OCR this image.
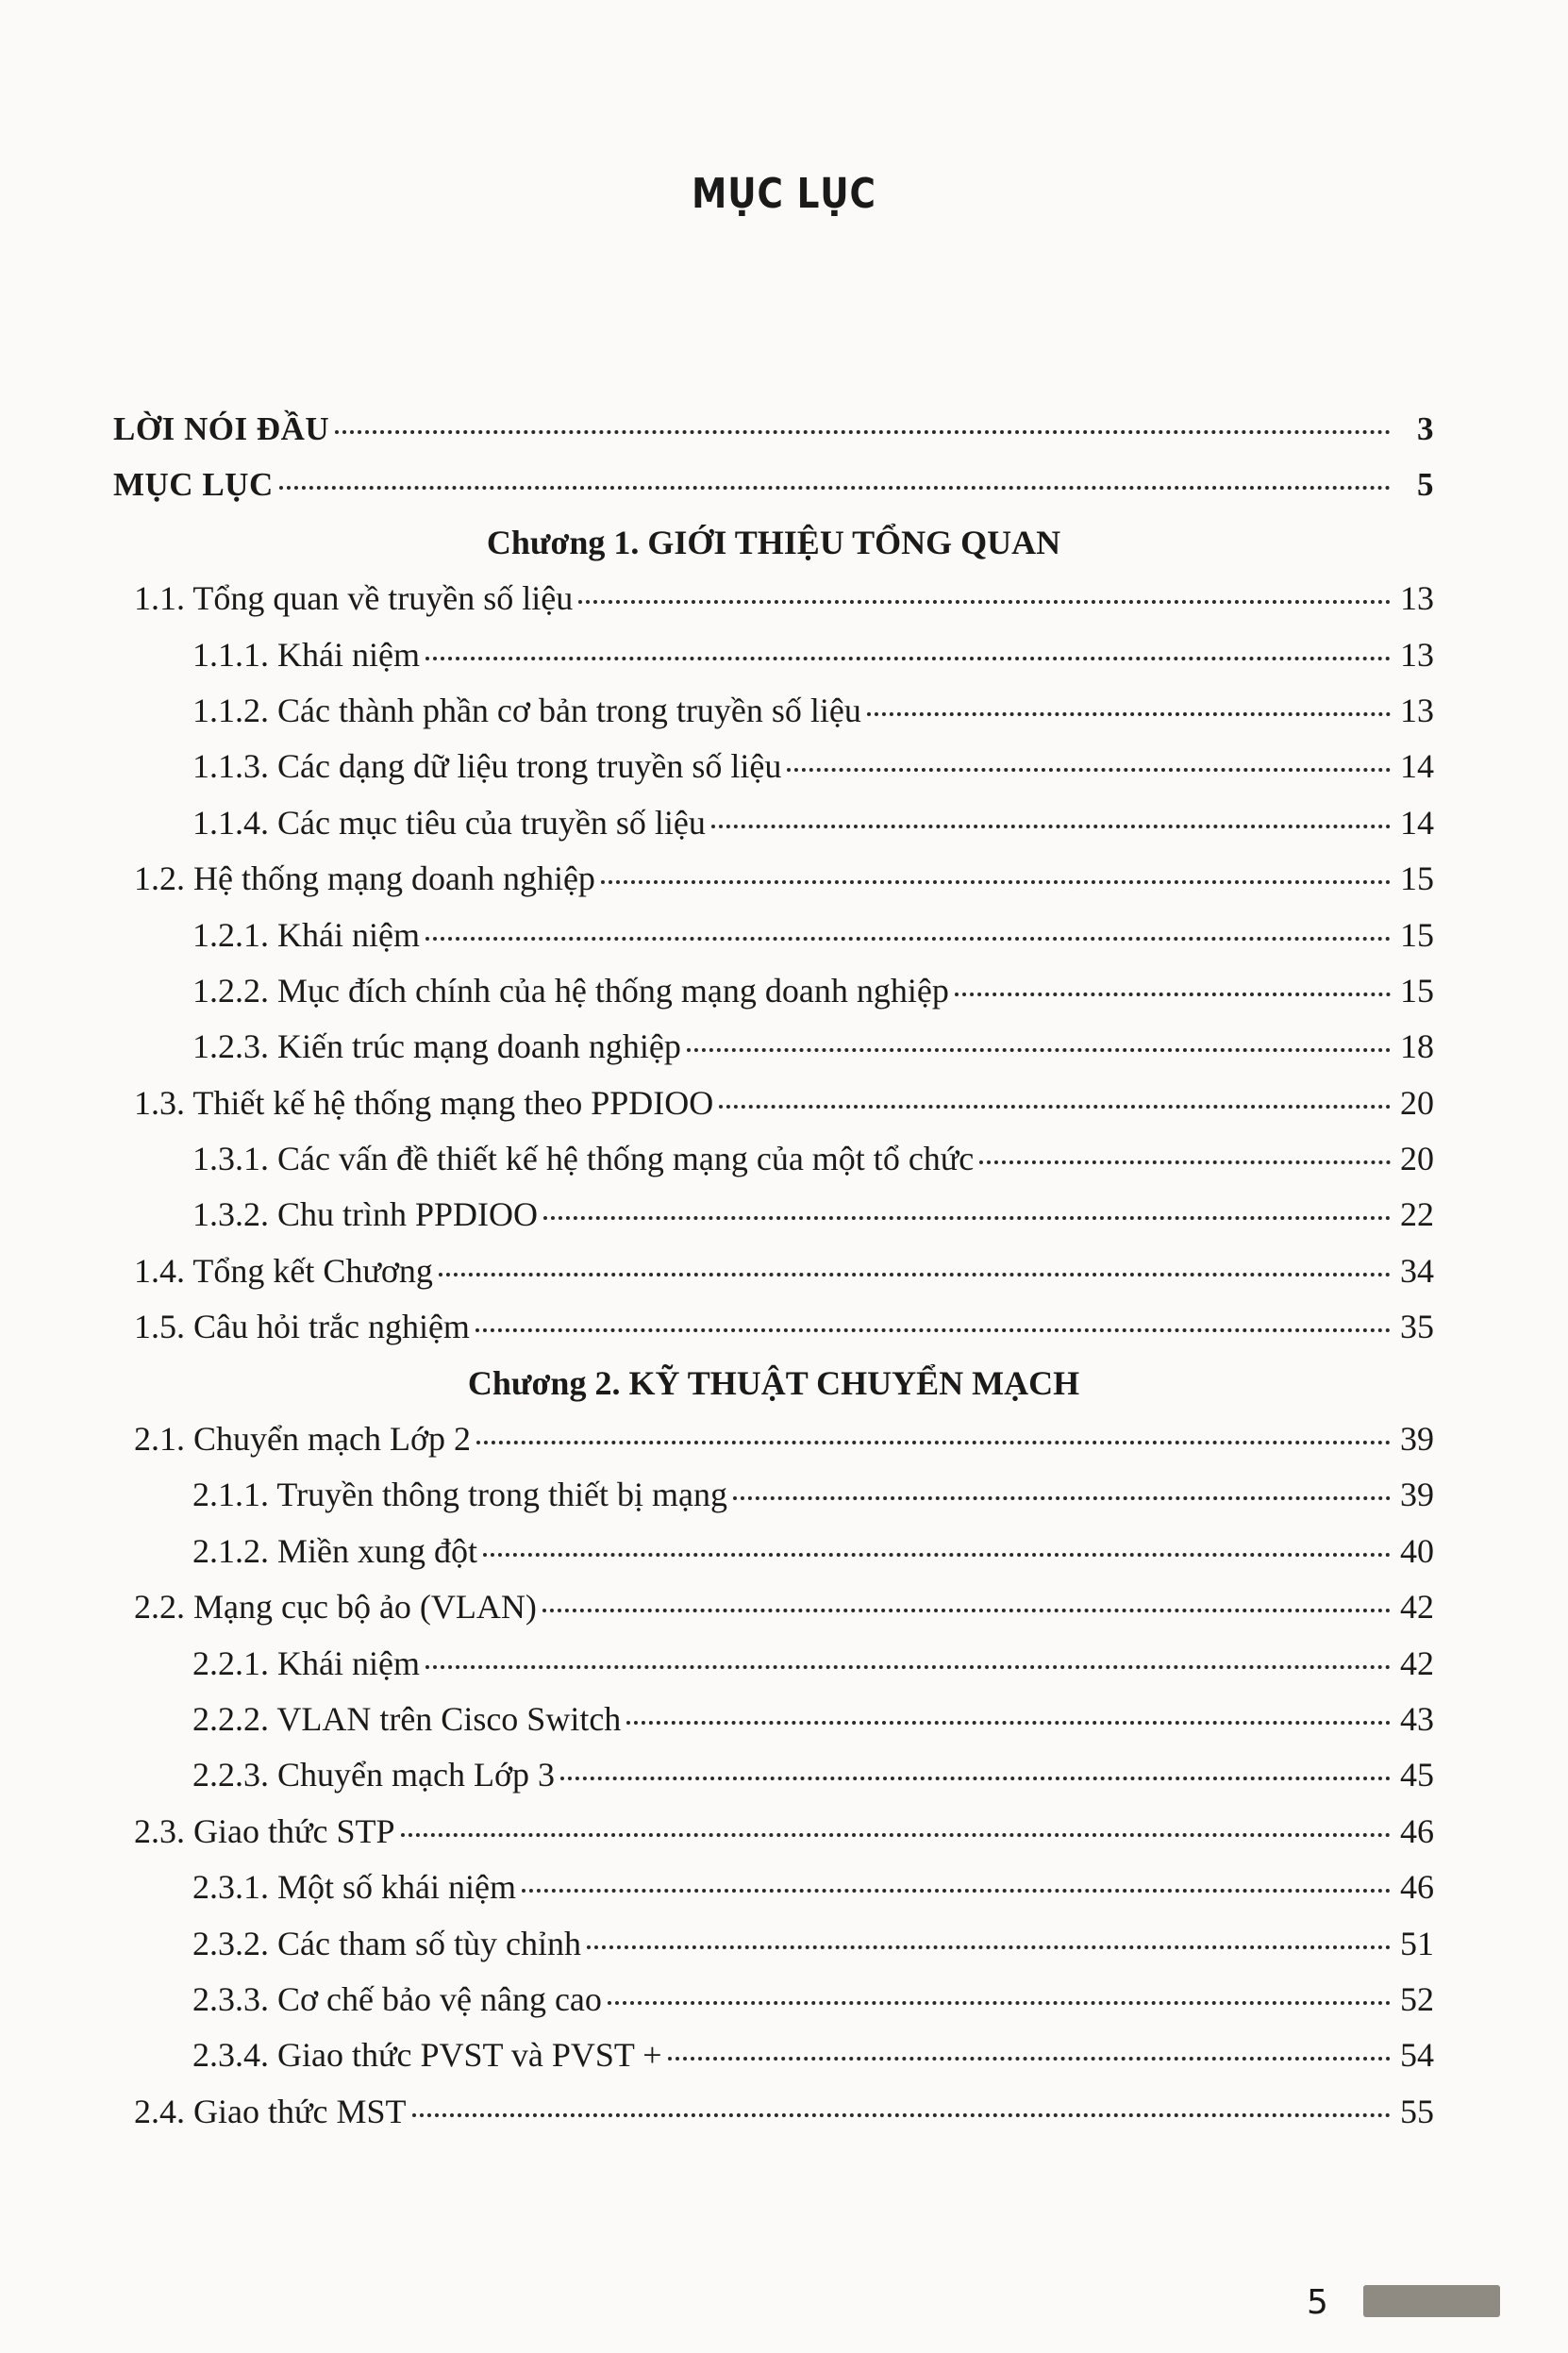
MỤC LỤC
LỜI NÓI ĐẦU	3
MỤC LỤC	5
Chương 1. GIỚI THIỆU TỔNG QUAN
1.1. Tổng quan về truyền số liệu	13
1.1.1. Khái niệm	13
1.1.2. Các thành phần cơ bản trong truyền số liệu	13
1.1.3. Các dạng dữ liệu trong truyền số liệu	14
1.1.4. Các mục tiêu của truyền số liệu	14
1.2. Hệ thống mạng doanh nghiệp	15
1.2.1. Khái niệm	15
1.2.2. Mục đích chính của hệ thống mạng doanh nghiệp	15
1.2.3. Kiến trúc mạng doanh nghiệp	18
1.3. Thiết kế hệ thống mạng theo PPDIOO	20
1.3.1. Các vấn đề thiết kế hệ thống mạng của một tổ chức	20
1.3.2. Chu trình PPDIOO	22
1.4. Tổng kết Chương	34
1.5. Câu hỏi trắc nghiệm	35
Chương 2. KỸ THUẬT CHUYỂN MẠCH
2.1. Chuyển mạch Lớp 2	39
2.1.1. Truyền thông trong thiết bị mạng	39
2.1.2. Miền xung đột	40
2.2. Mạng cục bộ ảo (VLAN)	42
2.2.1. Khái niệm	42
2.2.2. VLAN trên Cisco Switch	43
2.2.3. Chuyển mạch Lớp 3	45
2.3. Giao thức STP	46
2.3.1. Một số khái niệm	46
2.3.2. Các tham số tùy chỉnh	51
2.3.3. Cơ chế bảo vệ nâng cao	52
2.3.4. Giao thức PVST và PVST +	54
2.4. Giao thức MST	55
5
